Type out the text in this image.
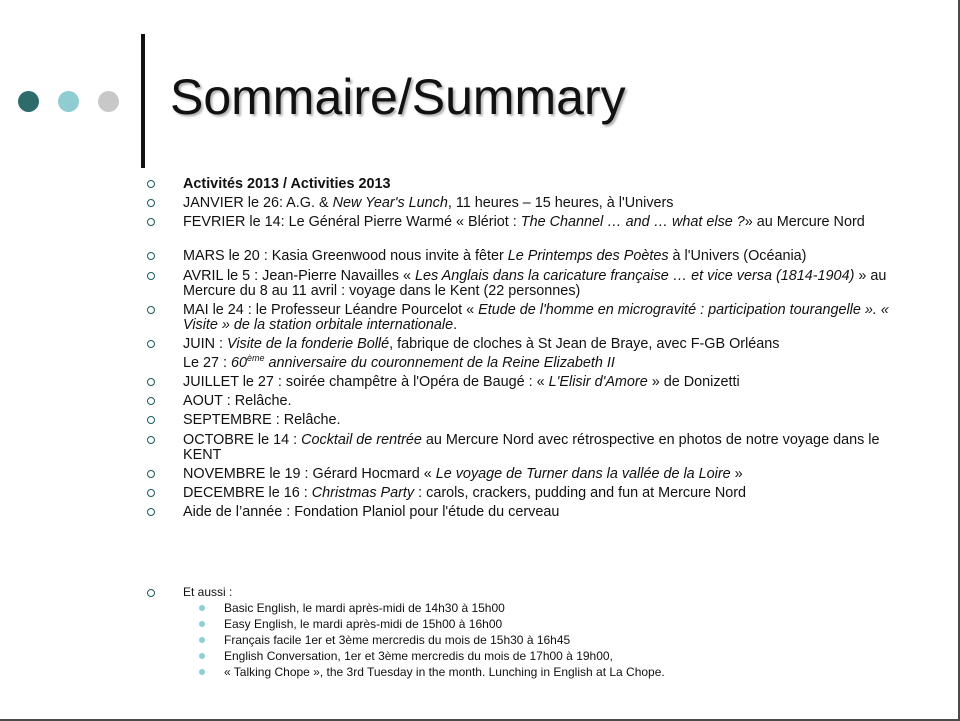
Sommaire/Summary
Activités 2013 / Activities 2013
JANVIER le 26: A.G. & New Year's Lunch, 11 heures – 15 heures, à l'Univers
FEVRIER le 14: Le Général Pierre Warmé « Blériot : The Channel … and … what else ?» au Mercure Nord
MARS le 20 : Kasia Greenwood nous invite à fêter Le Printemps des Poètes à l'Univers (Océania)
AVRIL le 5 : Jean-Pierre Navailles « Les Anglais dans la caricature française … et vice versa (1814-1904) » au Mercure du 8 au 11 avril : voyage dans le Kent (22 personnes)
MAI le 24 : le Professeur Léandre Pourcelot « Etude de l'homme en microgravité : participation tourangelle ». « Visite » de la station orbitale internationale.
JUIN : Visite de la fonderie Bollé, fabrique de cloches à St Jean de Braye, avec F-GB Orléans
Le 27 : 60ème anniversaire du couronnement de la Reine Elizabeth II
JUILLET le 27 : soirée champêtre à l'Opéra de Baugé : « L'Elisir d'Amore » de Donizetti
AOUT : Relâche.
SEPTEMBRE : Relâche.
OCTOBRE le 14 : Cocktail de rentrée au Mercure Nord avec rétrospective en photos de notre voyage dans le KENT
NOVEMBRE le 19 : Gérard Hocmard « Le voyage de Turner dans la vallée de la Loire »
DECEMBRE le 16 : Christmas Party : carols, crackers, pudding and fun at Mercure Nord
Aide de l’année : Fondation Planiol pour l'étude du cerveau
Et aussi :
Basic English, le mardi après-midi de 14h30 à 15h00
Easy English, le mardi après-midi de 15h00 à 16h00
Français facile 1er et 3ème mercredis du mois de 15h30 à 16h45
English Conversation, 1er et 3ème mercredis du mois de 17h00 à 19h00,
« Talking Chope », the 3rd Tuesday in the month. Lunching in English at La Chope.
